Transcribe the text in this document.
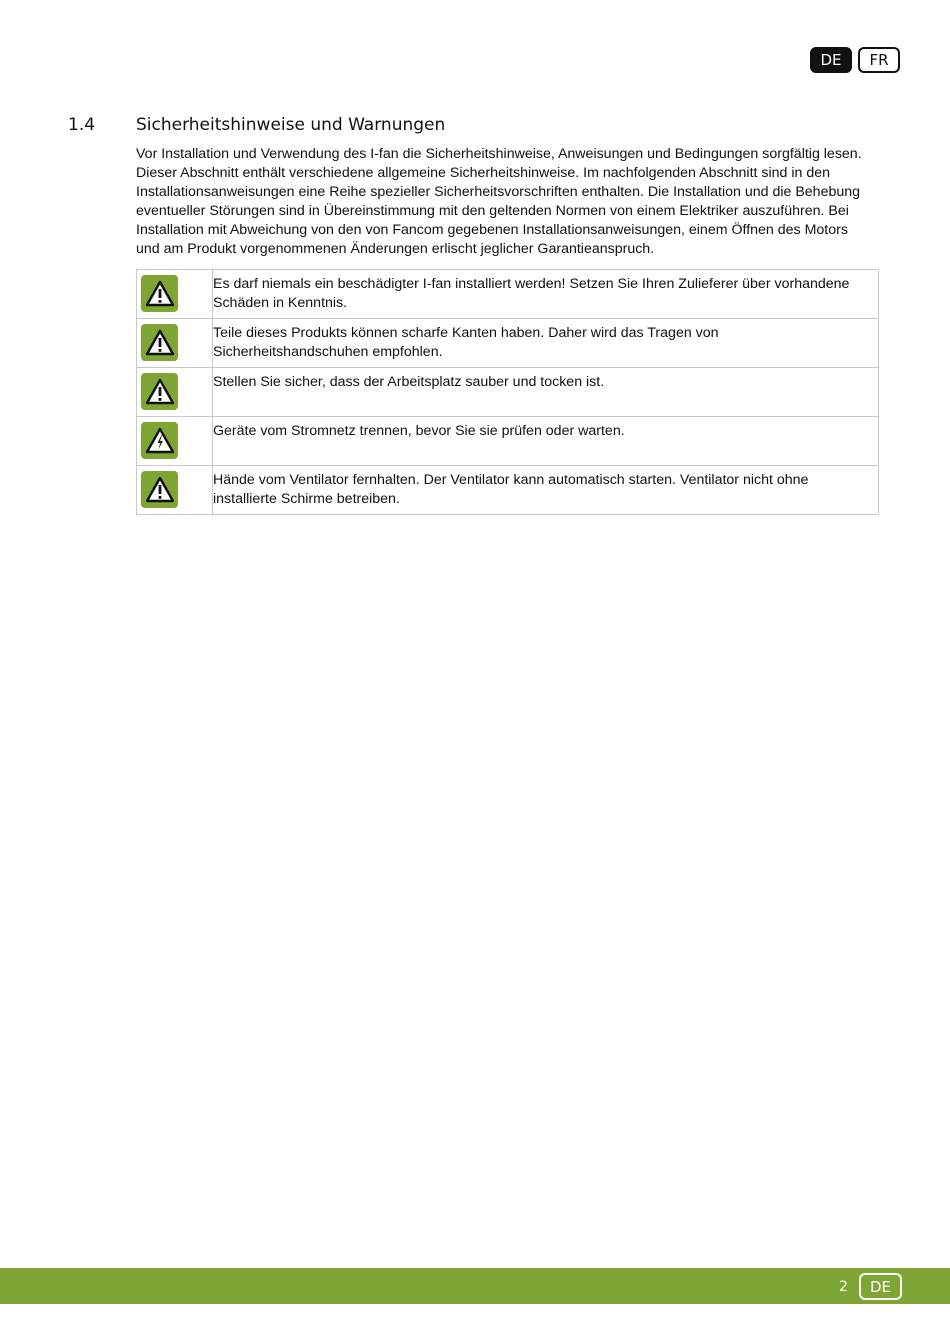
DE	FR
1.4 Sicherheitshinweise und Warnungen

Vor Installation und Verwendung des I-fan die Sicherheitshinweise, Anweisungen und Bedingungen sorgfältig lesen. Dieser Abschnitt enthält verschiedene allgemeine Sicherheitshinweise. Im nachfolgenden Abschnitt sind in den Installationsanweisungen eine Reihe spezieller Sicherheitsvorschriften enthalten. Die Installation und die Behebung eventueller Störungen sind in Übereinstimmung mit den geltenden Normen von einem Elektriker auszuführen. Bei Installation mit Abweichung von den von Fancom gegebenen Installationsanweisungen, einem Öffnen des Motors und am Produkt vorgenommenen Änderungen erlischt jeglicher Garantieanspruch.

	Es darf niemals ein beschädigter I-fan installiert werden! Setzen Sie Ihren Zulieferer über vorhandene Schäden in Kenntnis.

	Teile dieses Produkts können scharfe Kanten haben. Daher wird das Tragen von Sicherheitshandschuhen empfohlen.

	Stellen Sie sicher, dass der Arbeitsplatz sauber und tocken ist.

	Geräte vom Stromnetz trennen, bevor Sie sie prüfen oder warten.

	Hände vom Ventilator fernhalten. Der Ventilator kann automatisch starten. Ventilator nicht ohne installierte Schirme betreiben.
2	DE
